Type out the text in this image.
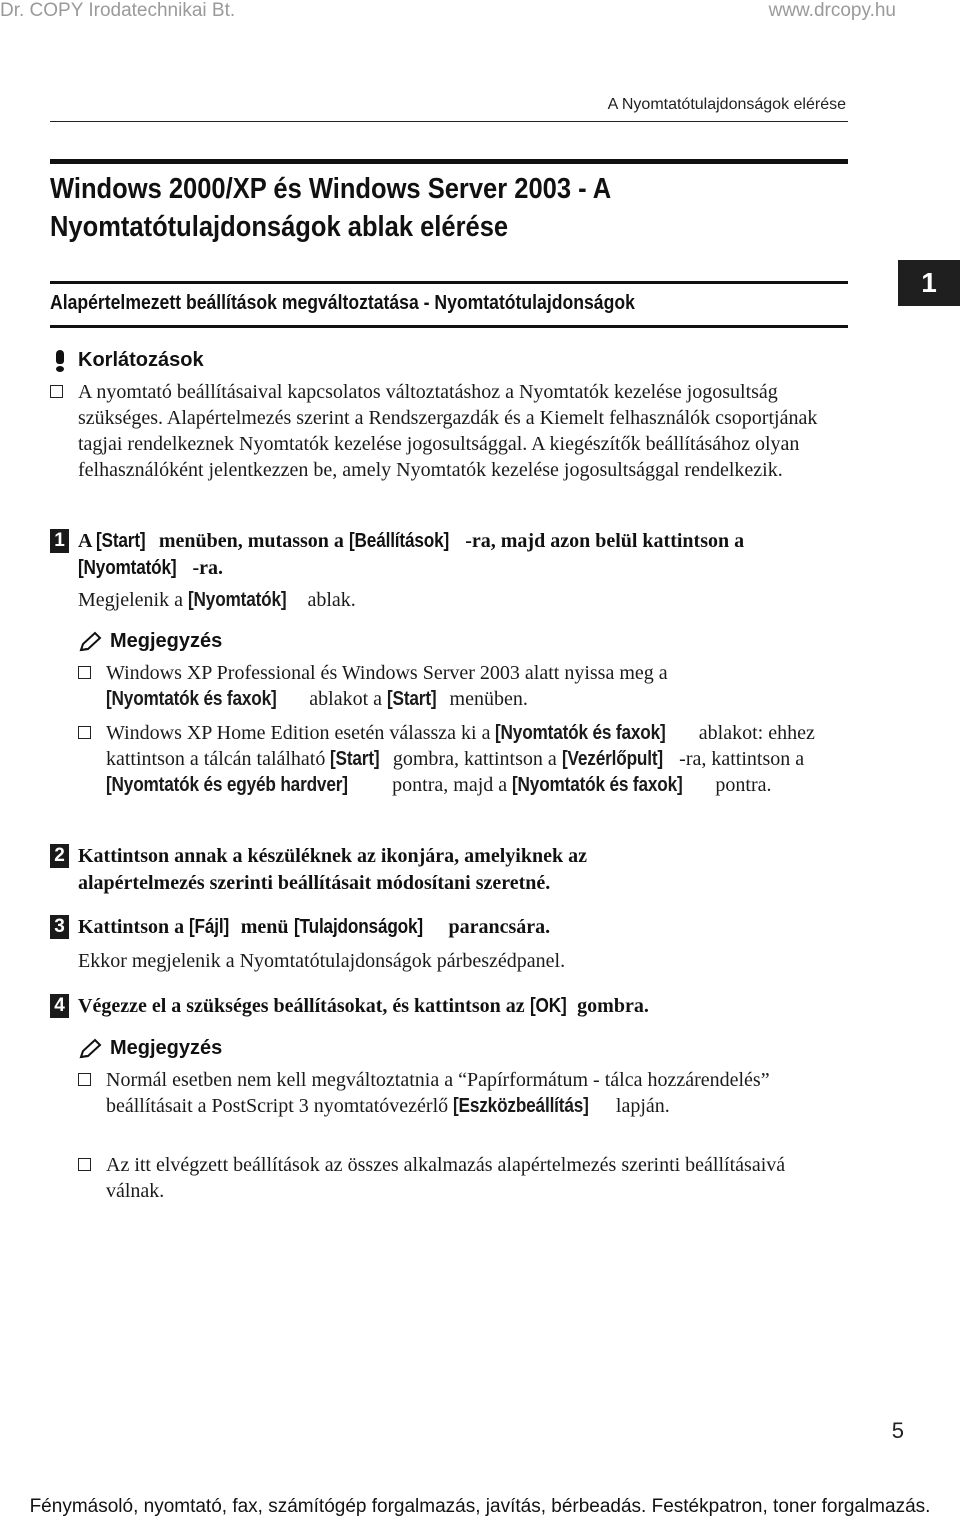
Dr. COPY Irodatechnikai Bt.	www.drcopy.hu
A Nyomtatótulajdonságok elérése
Windows 2000/XP és Windows Server 2003 - A Nyomtatótulajdonságok ablak elérése
Alapértelmezett beállítások megváltoztatása - Nyomtatótulajdonságok
1
Korlátozások
A nyomtató beállításaival kapcsolatos változtatáshoz a Nyomtatók kezelése jogosultság szükséges. Alapértelmezés szerint a Rendszergazdák és a Kiemelt felhasználók csoportjának tagjai rendelkeznek Nyomtatók kezelése jogosultsággal. A kiegészítők beállításához olyan felhasználóként jelentkezzen be, amely Nyomtatók kezelése jogosultsággal rendelkezik.
1 A [Start] menüben, mutasson a [Beállítások] -ra, majd azon belül kattintson a [Nyomtatók] -ra.
Megjelenik a [Nyomtatók] ablak.
Megjegyzés
Windows XP Professional és Windows Server 2003 alatt nyissa meg a [Nyomtatók és faxok] ablakot a [Start] menüben.
Windows XP Home Edition esetén válassza ki a [Nyomtatók és faxok] ablakot: ehhez kattintson a tálcán található [Start] gombra, kattintson a [Vezérlőpult] -ra, kattintson a [Nyomtatók és egyéb hardver] pontra, majd a [Nyomtatók és faxok] pontra.
2 Kattintson annak a készüléknek az ikonjára, amelyiknek az alapértelmezés szerinti beállításait módosítani szeretné.
3 Kattintson a [Fájl] menü [Tulajdonságok] parancsára.
Ekkor megjelenik a Nyomtatótulajdonságok párbeszédpanel.
4 Végezze el a szükséges beállításokat, és kattintson az [OK] gombra.
Megjegyzés
Normál esetben nem kell megváltoztatnia a “Papírformátum - tálca hozzárendelés” beállításait a PostScript 3 nyomtatóvezérlő [Eszközbeállítás] lapján.
Az itt elvégzett beállítások az összes alkalmazás alapértelmezés szerinti beállításaivá válnak.
5
Fénymásoló, nyomtató, fax, számítógép forgalmazás, javítás, bérbeadás. Festékpatron, toner forgalmazás.
